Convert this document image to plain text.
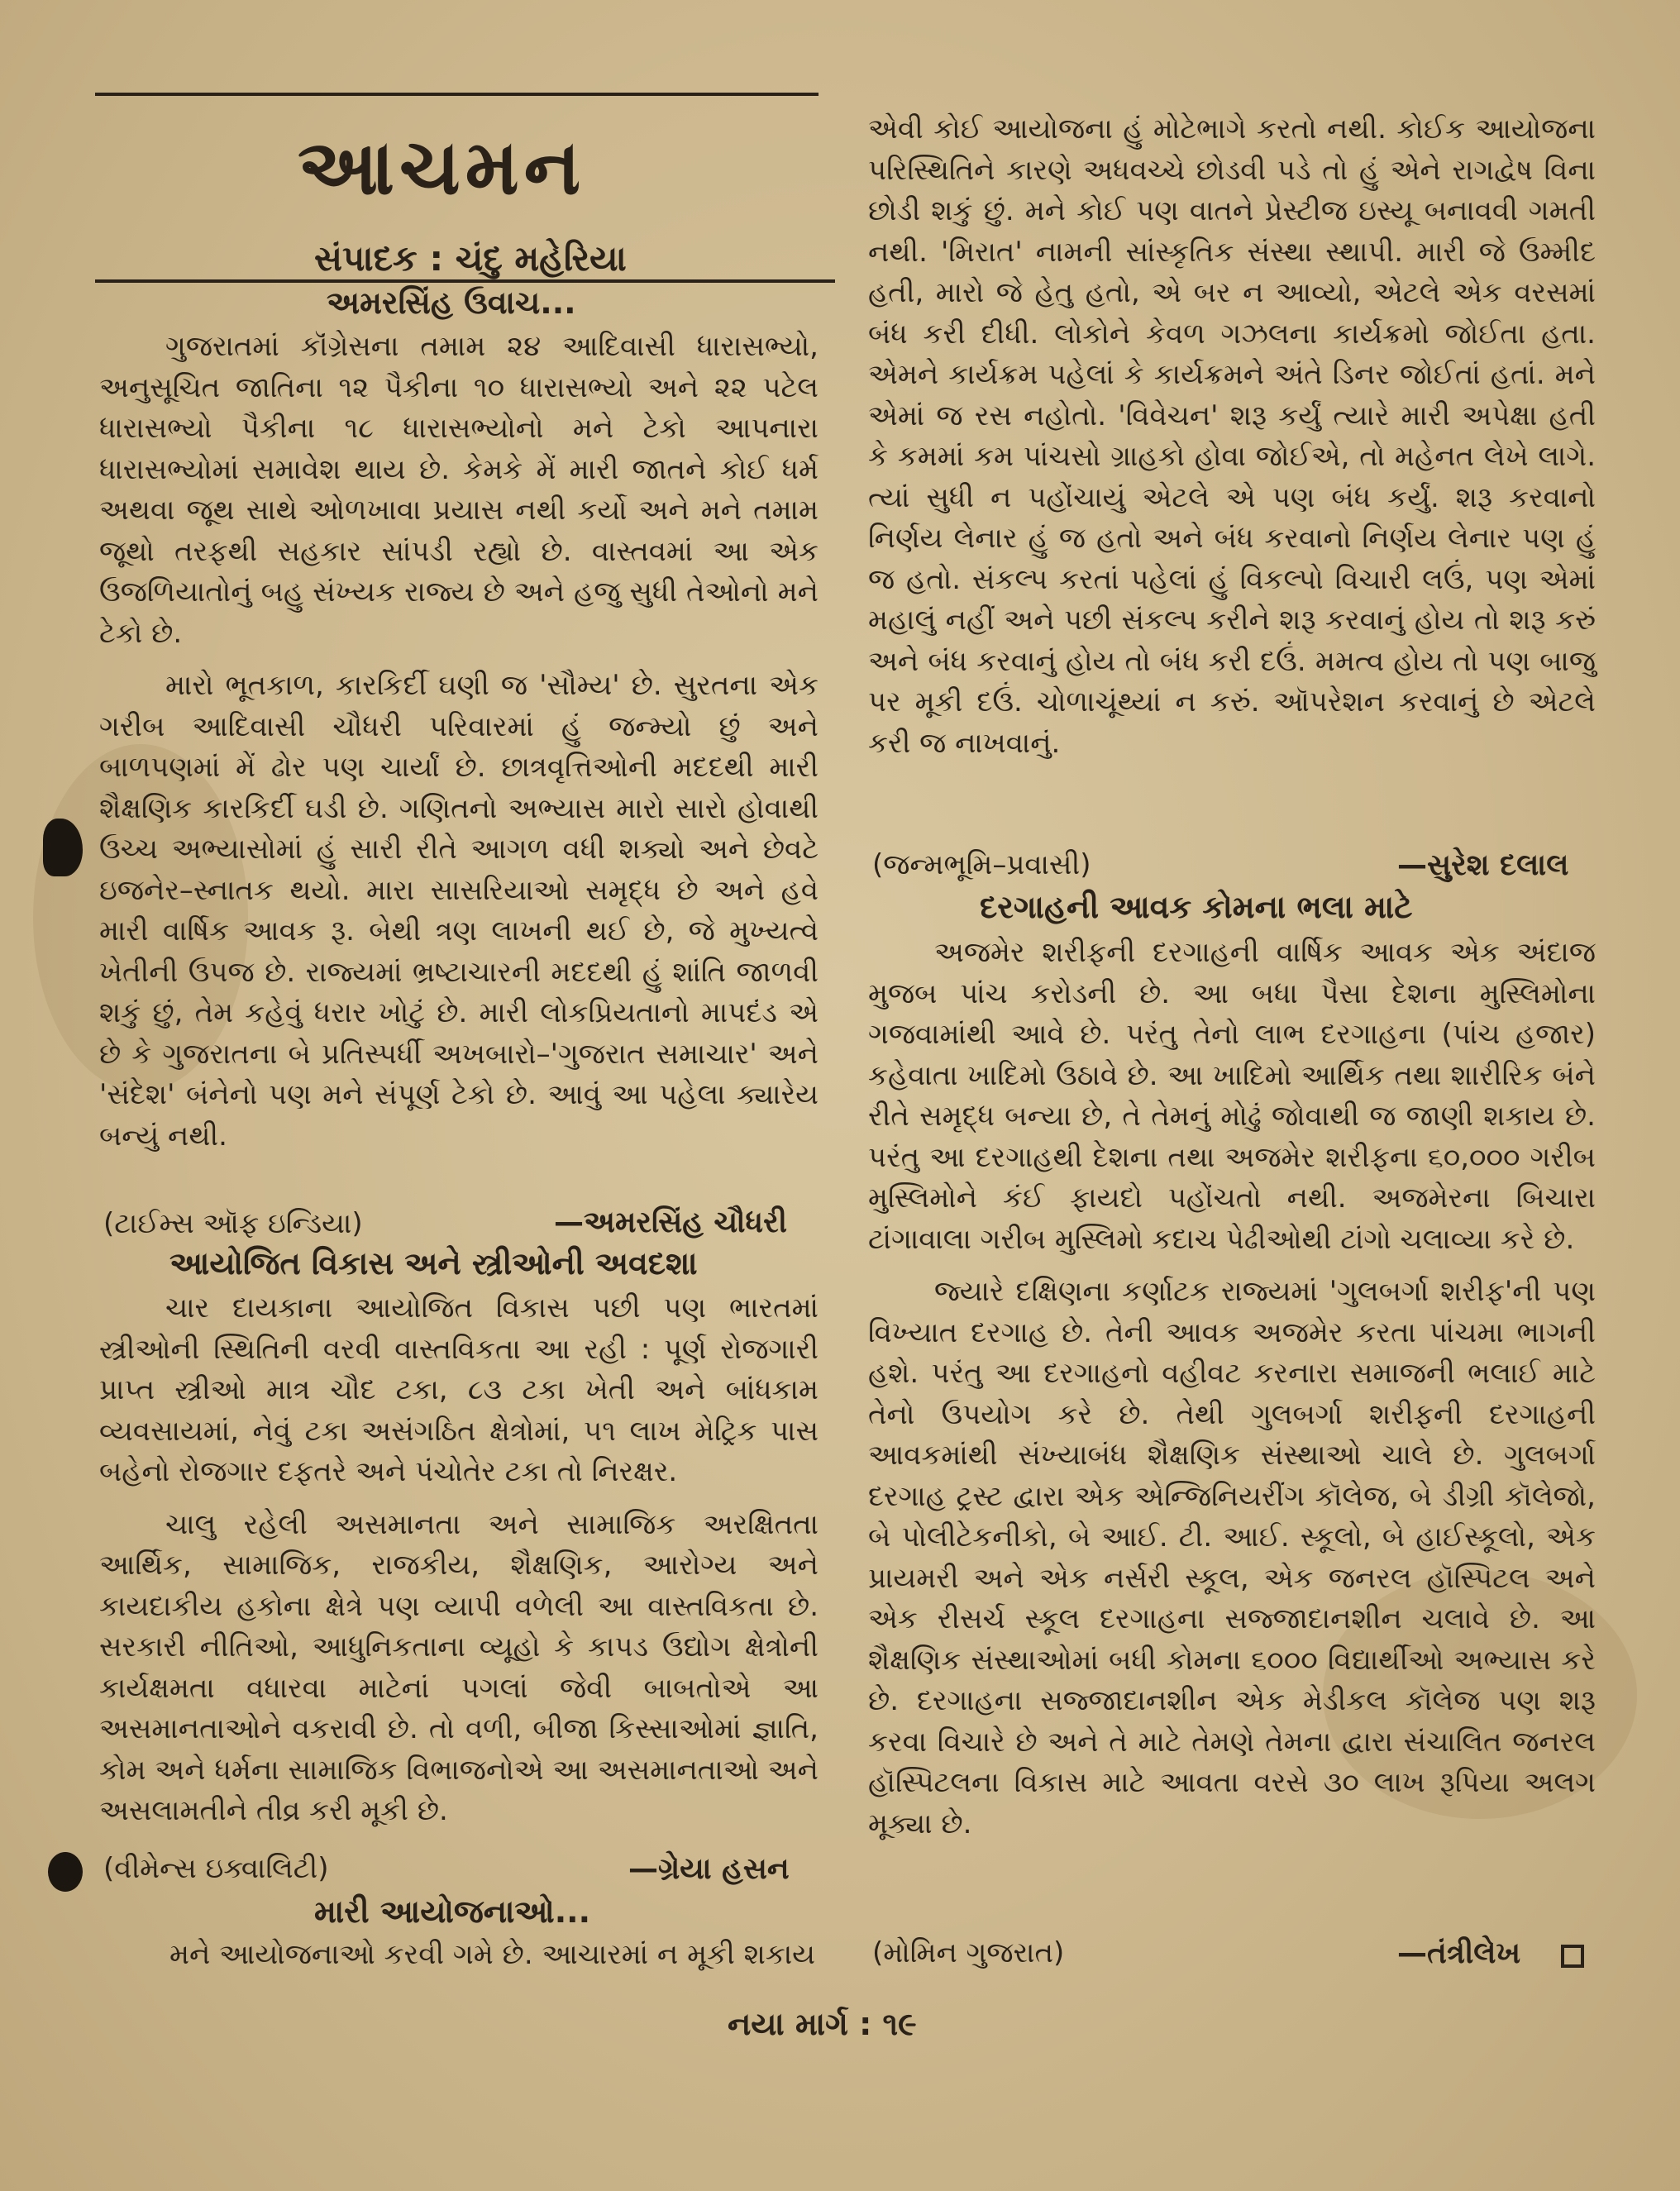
આચમન
સંપાદક : ચંદુ મહેરિયા
અમરસિંહ ઉવાચ...

ગુજરાતમાં કૉંગ્રેસના તમામ ૨૪ આદિવાસી ધારાસભ્યો, અનુસૂચિત જાતિના ૧૨ પૈકીના ૧૦ ધારાસભ્યો અને ૨૨ પટેલ ધારાસભ્યો પૈકીના ૧૮ ધારાસભ્યોનો મને ટેકો આપનારા ધારાસભ્યોમાં સમાવેશ થાય છે. કેમકે મેં મારી જાતને કોઈ ધર્મ અથવા જૂથ સાથે ઓળખાવા પ્રયાસ નથી કર્યો અને મને તમામ જૂથો તરફથી સહકાર સાંપડી રહ્યો છે. વાસ્તવમાં આ એક ઉજળિયાતોનું બહુ સંખ્યક રાજ્ય છે અને હજુ સુધી તેઓનો મને ટેકો છે.

મારો ભૂતકાળ, કારકિર્દી ઘણી જ 'સૌમ્ય' છે. સુરતના એક ગરીબ આદિવાસી ચૌધરી પરિવારમાં હું જન્મ્યો છું અને બાળપણમાં મેં ઢોર પણ ચાર્યાં છે. છાત્રવૃત્તિઓની મદદથી મારી શૈક્ષણિક કારકિર્દી ઘડી છે. ગણિતનો અભ્યાસ મારો સારો હોવાથી ઉચ્ચ અભ્યાસોમાં હું સારી રીતે આગળ વધી શક્યો અને છેવટે ઇજનેર–સ્નાતક થયો. મારા સાસરિયાઓ સમૃદ્ધ છે અને હવે મારી વાર્ષિક આવક રૂ. બેથી ત્રણ લાખની થઈ છે, જે મુખ્યત્વે ખેતીની ઉપજ છે. રાજ્યમાં ભ્રષ્ટાચારની મદદથી હું શાંતિ જાળવી શકું છું, તેમ કહેવું ધરાર ખોટું છે. મારી લોકપ્રિયતાનો માપદંડ એ છે કે ગુજરાતના બે પ્રતિસ્પર્ધી અખબારો–'ગુજરાત સમાચાર' અને 'સંદેશ' બંનેનો પણ મને સંપૂર્ણ ટેકો છે. આવું આ પહેલા ક્યારેય બન્યું નથી.

(ટાઈમ્સ ઑફ ઇન્ડિયા)	—અમરસિંહ ચૌધરી
આયોજિત વિકાસ અને સ્ત્રીઓની અવદશા

ચાર દાયકાના આયોજિત વિકાસ પછી પણ ભારતમાં સ્ત્રીઓની સ્થિતિની વરવી વાસ્તવિકતા આ રહી : પૂર્ણ રોજગારી પ્રાપ્ત સ્ત્રીઓ માત્ર ચૌદ ટકા, ૮૩ ટકા ખેતી અને બાંધકામ વ્યવસાયમાં, નેવું ટકા અસંગઠિત ક્ષેત્રોમાં, ૫૧ લાખ મેટ્રિક પાસ બહેનો રોજગાર દફતરે અને પંચોતેર ટકા તો નિરક્ષર.

ચાલુ રહેલી અસમાનતા અને સામાજિક અરક્ષિતતા આર્થિક, સામાજિક, રાજકીય, શૈક્ષણિક, આરોગ્ય અને કાયદાકીય હકોના ક્ષેત્રે પણ વ્યાપી વળેલી આ વાસ્તવિકતા છે. સરકારી નીતિઓ, આધુનિકતાના વ્યૂહો કે કાપડ ઉદ્યોગ ક્ષેત્રોની કાર્યક્ષમતા વધારવા માટેનાં પગલાં જેવી બાબતોએ આ અસમાનતાઓને વકરાવી છે. તો વળી, બીજા કિસ્સાઓમાં જ્ઞાતિ, કોમ અને ધર્મના સામાજિક વિભાજનોએ આ અસમાનતાઓ અને અસલામતીને તીવ્ર કરી મૂકી છે.

(વીમેન્સ ઇક્વાલિટી)	—ગ્રેયા હસન
મારી આયોજનાઓ...
મને આયોજનાઓ કરવી ગમે છે. આચારમાં ન મૂકી શકાય
એવી કોઈ આયોજના હું મોટેભાગે કરતો નથી. કોઈક આયોજના પરિસ્થિતિને કારણે અધવચ્ચે છોડવી પડે તો હું એને રાગદ્વેષ વિના છોડી શકું છું. મને કોઈ પણ વાતને પ્રેસ્ટીજ ઇસ્યૂ બનાવવી ગમતી નથી. 'મિરાત' નામની સાંસ્કૃતિક સંસ્થા સ્થાપી. મારી જે ઉમ્મીદ હતી, મારો જે હેતુ હતો, એ બર ન આવ્યો, એટલે એક વરસમાં બંધ કરી દીધી. લોકોને કેવળ ગઝલના કાર્યક્રમો જોઈતા હતા. એમને કાર્યક્રમ પહેલાં કે કાર્યક્રમને અંતે ડિનર જોઈતાં હતાં. મને એમાં જ રસ નહોતો. 'વિવેચન' શરૂ કર્યું ત્યારે મારી અપેક્ષા હતી કે કમમાં કમ પાંચસો ગ્રાહકો હોવા જોઈએ, તો મહેનત લેખે લાગે. ત્યાં સુધી ન પહોંચાયું એટલે એ પણ બંધ કર્યું. શરૂ કરવાનો નિર્ણય લેનાર હું જ હતો અને બંધ કરવાનો નિર્ણય લેનાર પણ હું જ હતો. સંકલ્પ કરતાં પહેલાં હું વિકલ્પો વિચારી લઉં, પણ એમાં મહાલું નહીં અને પછી સંકલ્પ કરીને શરૂ કરવાનું હોય તો શરૂ કરું અને બંધ કરવાનું હોય તો બંધ કરી દઉં. મમત્વ હોય તો પણ બાજુ પર મૂકી દઉં. ચોળાચૂંથ્યાં ન કરું. ઑપરેશન કરવાનું છે એટલે કરી જ નાખવાનું.
(જન્મભૂમિ–પ્રવાસી)	—સુરેશ દલાલ
દરગાહની આવક કોમના ભલા માટે

અજમેર શરીફની દરગાહની વાર્ષિક આવક એક અંદાજ મુજબ પાંચ કરોડની છે. આ બધા પૈસા દેશના મુસ્લિમોના ગજવામાંથી આવે છે. પરંતુ તેનો લાભ દરગાહના (પાંચ હજાર) કહેવાતા ખાદિમો ઉઠાવે છે. આ ખાદિમો આર્થિક તથા શારીરિક બંને રીતે સમૃદ્ધ બન્યા છે, તે તેમનું મોઢું જોવાથી જ જાણી શકાય છે. પરંતુ આ દરગાહથી દેશના તથા અજમેર શરીફના ૬૦,૦૦૦ ગરીબ મુસ્લિમોને કંઈ ફાયદો પહોંચતો નથી. અજમેરના બિચારા ટાંગાવાલા ગરીબ મુસ્લિમો કદાચ પેઢીઓથી ટાંગો ચલાવ્યા કરે છે.

જ્યારે દક્ષિણના કર્ણાટક રાજ્યમાં 'ગુલબર્ગા શરીફ'ની પણ વિખ્યાત દરગાહ છે. તેની આવક અજમેર કરતા પાંચમા ભાગની હશે. પરંતુ આ દરગાહનો વહીવટ કરનારા સમાજની ભલાઈ માટે તેનો ઉપયોગ કરે છે. તેથી ગુલબર્ગા શરીફની દરગાહની આવકમાંથી સંખ્યાબંધ શૈક્ષણિક સંસ્થાઓ ચાલે છે. ગુલબર્ગા દરગાહ ટ્રસ્ટ દ્વારા એક એન્જિનિયરીંગ કૉલેજ, બે ડીગ્રી કૉલેજો, બે પોલીટેકનીકો, બે આઈ. ટી. આઈ. સ્કૂલો, બે હાઈસ્કૂલો, એક પ્રાયમરી અને એક નર્સરી સ્કૂલ, એક જનરલ હૉસ્પિટલ અને એક રીસર્ચ સ્કૂલ દરગાહના સજ્જાદાનશીન ચલાવે છે. આ શૈક્ષણિક સંસ્થાઓમાં બધી કોમના ૬૦૦૦ વિદ્યાર્થીઓ અભ્યાસ કરે છે. દરગાહના સજ્જાદાનશીન એક મેડીકલ કૉલેજ પણ શરૂ કરવા વિચારે છે અને તે માટે તેમણે તેમના દ્વારા સંચાલિત જનરલ હૉસ્પિટલના વિકાસ માટે આવતા વરસે ૩૦ લાખ રૂપિયા અલગ મૂક્યા છે.

(મોમિન ગુજરાત)	—તંત્રીલેખ
નયા માર્ગ : ૧૯
